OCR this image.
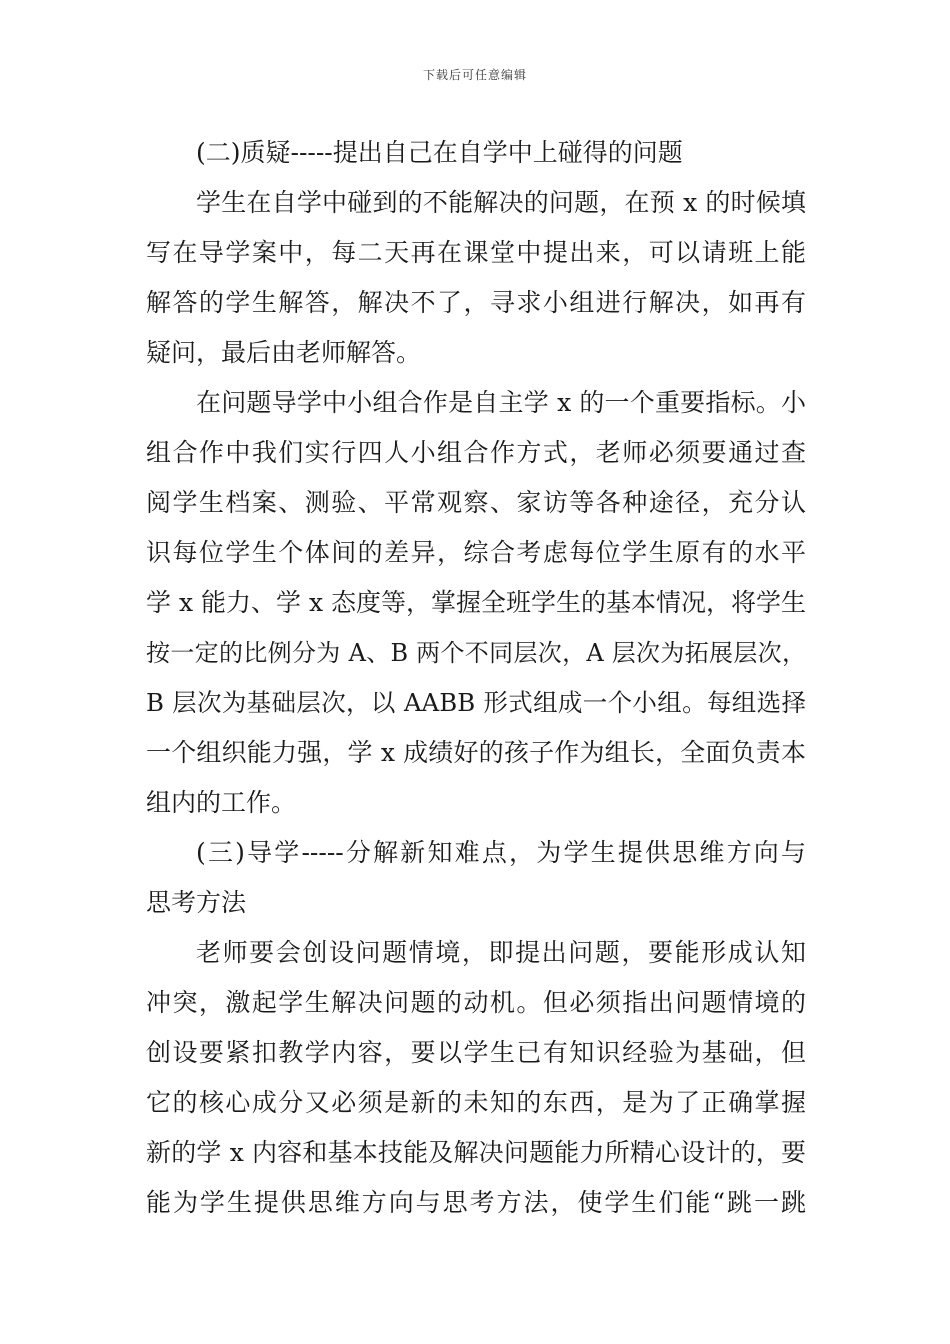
下载后可任意编辑
(二)质疑-----提出自己在自学中上碰得的问题
学生在自学中碰到的不能解决的问题，在预 x 的时候填
写在导学案中，每二天再在课堂中提出来，可以请班上能
解答的学生解答，解决不了，寻求小组进行解决，如再有
疑问，最后由老师解答。
在问题导学中小组合作是自主学 x 的一个重要指标。小
组合作中我们实行四人小组合作方式，老师必须要通过查
阅学生档案、测验、平常观察、家访等各种途径，充分认
识每位学生个体间的差异，综合考虑每位学生原有的水平
学 x 能力、学 x 态度等，掌握全班学生的基本情况，将学生
按一定的比例分为 A、B 两个不同层次，A 层次为拓展层次，
B 层次为基础层次，以 AABB 形式组成一个小组。每组选择
一个组织能力强，学 x 成绩好的孩子作为组长，全面负责本
组内的工作。
(三)导学-----分解新知难点，为学生提供思维方向与
思考方法
老师要会创设问题情境，即提出问题，要能形成认知
冲突，激起学生解决问题的动机。但必须指出问题情境的
创设要紧扣教学内容，要以学生已有知识经验为基础，但
它的核心成分又必须是新的未知的东西，是为了正确掌握
新的学 x 内容和基本技能及解决问题能力所精心设计的，要
能为学生提供思维方向与思考方法，使学生们能“跳一跳
